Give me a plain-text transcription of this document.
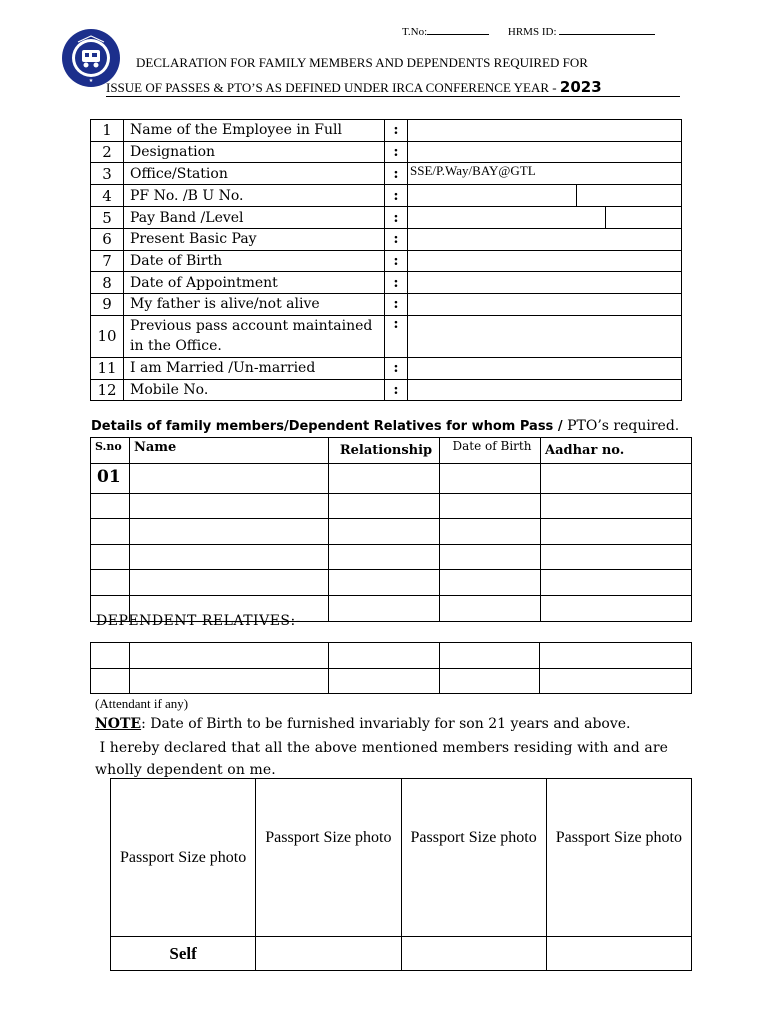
T.No:	HRMS ID:
★
DECLARATION FOR FAMILY MEMBERS AND DEPENDENTS REQUIRED FOR
ISSUE OF PASSES & PTO’S AS DEFINED UNDER IRCA CONFERENCE YEAR - 2023
1	Name of the Employee in Full	:	
2	Designation	:	
3	Office/Station	:	SSE/P.Way/BAY@GTL
4	PF No. /B U No.	:	

5	Pay Band /Level	:	

6	Present Basic Pay	:	
7	Date of Birth	:	
8	Date of Appointment	:	
9	My father is alive/not alive	:	
10	Previous pass account maintained in the Office.	:	
11	I am Married /Un-married	:	
12	Mobile No.	:	
Details of family members/Dependent Relatives for whom Pass / PTO’s required.
S.no	Name	Relationship	Date of Birth	Aadhar no.
01				

DEPENDENT RELATIVES:-

(Attendant if any)
NOTE: Date of Birth to be furnished invariably for son 21 years and above.
I hereby declared that all the above mentioned members residing with and are wholly dependent on me.
Passport Size photo	Passport Size photo	Passport Size photo	Passport Size photo
Self			
